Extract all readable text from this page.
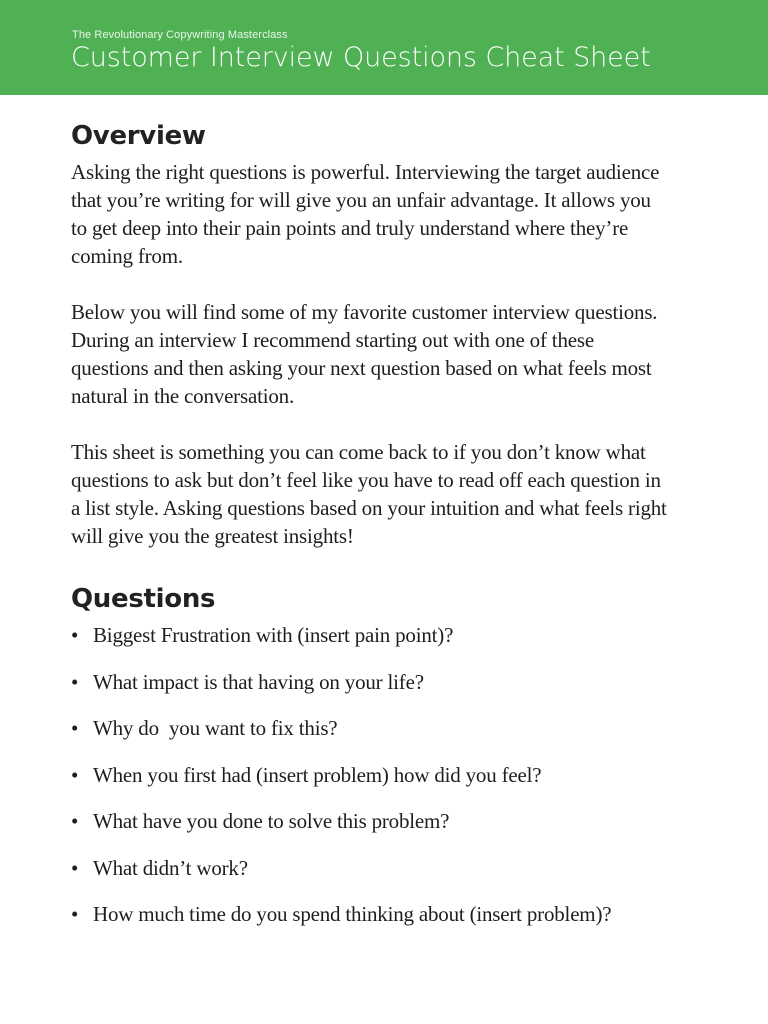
The Revolutionary Copywriting Masterclass
Customer Interview Questions Cheat Sheet
Overview

Asking the right questions is powerful. Interviewing the target audience that you’re writing for will give you an unfair advantage. It allows you to get deep into their pain points and truly understand where they’re coming from.

Below you will find some of my favorite customer interview questions. During an interview I recommend starting out with one of these questions and then asking your next question based on what feels most natural in the conversation.

This sheet is something you can come back to if you don’t know what questions to ask but don’t feel like you have to read off each question in a list style. Asking questions based on your intuition and what feels right will give you the greatest insights!

Questions
• Biggest Frustration with (insert pain point)?
• What impact is that having on your life?
• Why do  you want to fix this?
• When you first had (insert problem) how did you feel?
• What have you done to solve this problem?
• What didn’t work?
• How much time do you spend thinking about (insert problem)?
